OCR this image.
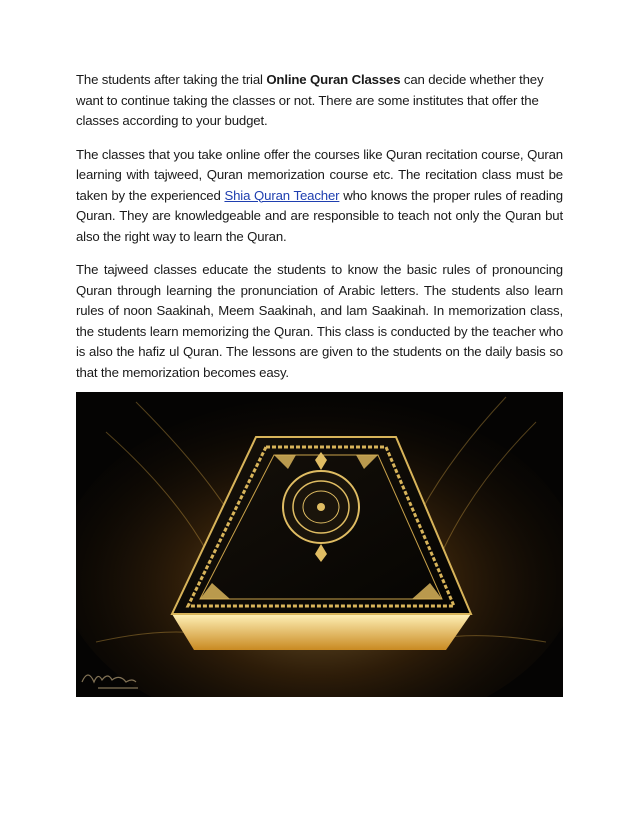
The students after taking the trial Online Quran Classes can decide whether they want to continue taking the classes or not. There are some institutes that offer the classes according to your budget.

The classes that you take online offer the courses like Quran recitation course, Quran learning with tajweed, Quran memorization course etc. The recitation class must be taken by the experienced Shia Quran Teacher who knows the proper rules of reading Quran. They are knowledgeable and are responsible to teach not only the Quran but also the right way to learn the Quran.

The tajweed classes educate the students to know the basic rules of pronouncing Quran through learning the pronunciation of Arabic letters. The students also learn rules of noon Saakinah, Meem Saakinah, and lam Saakinah. In memorization class, the students learn memorizing the Quran. This class is conducted by the teacher who is also the hafiz ul Quran. The lessons are given to the students on the daily basis so that the memorization becomes easy.
